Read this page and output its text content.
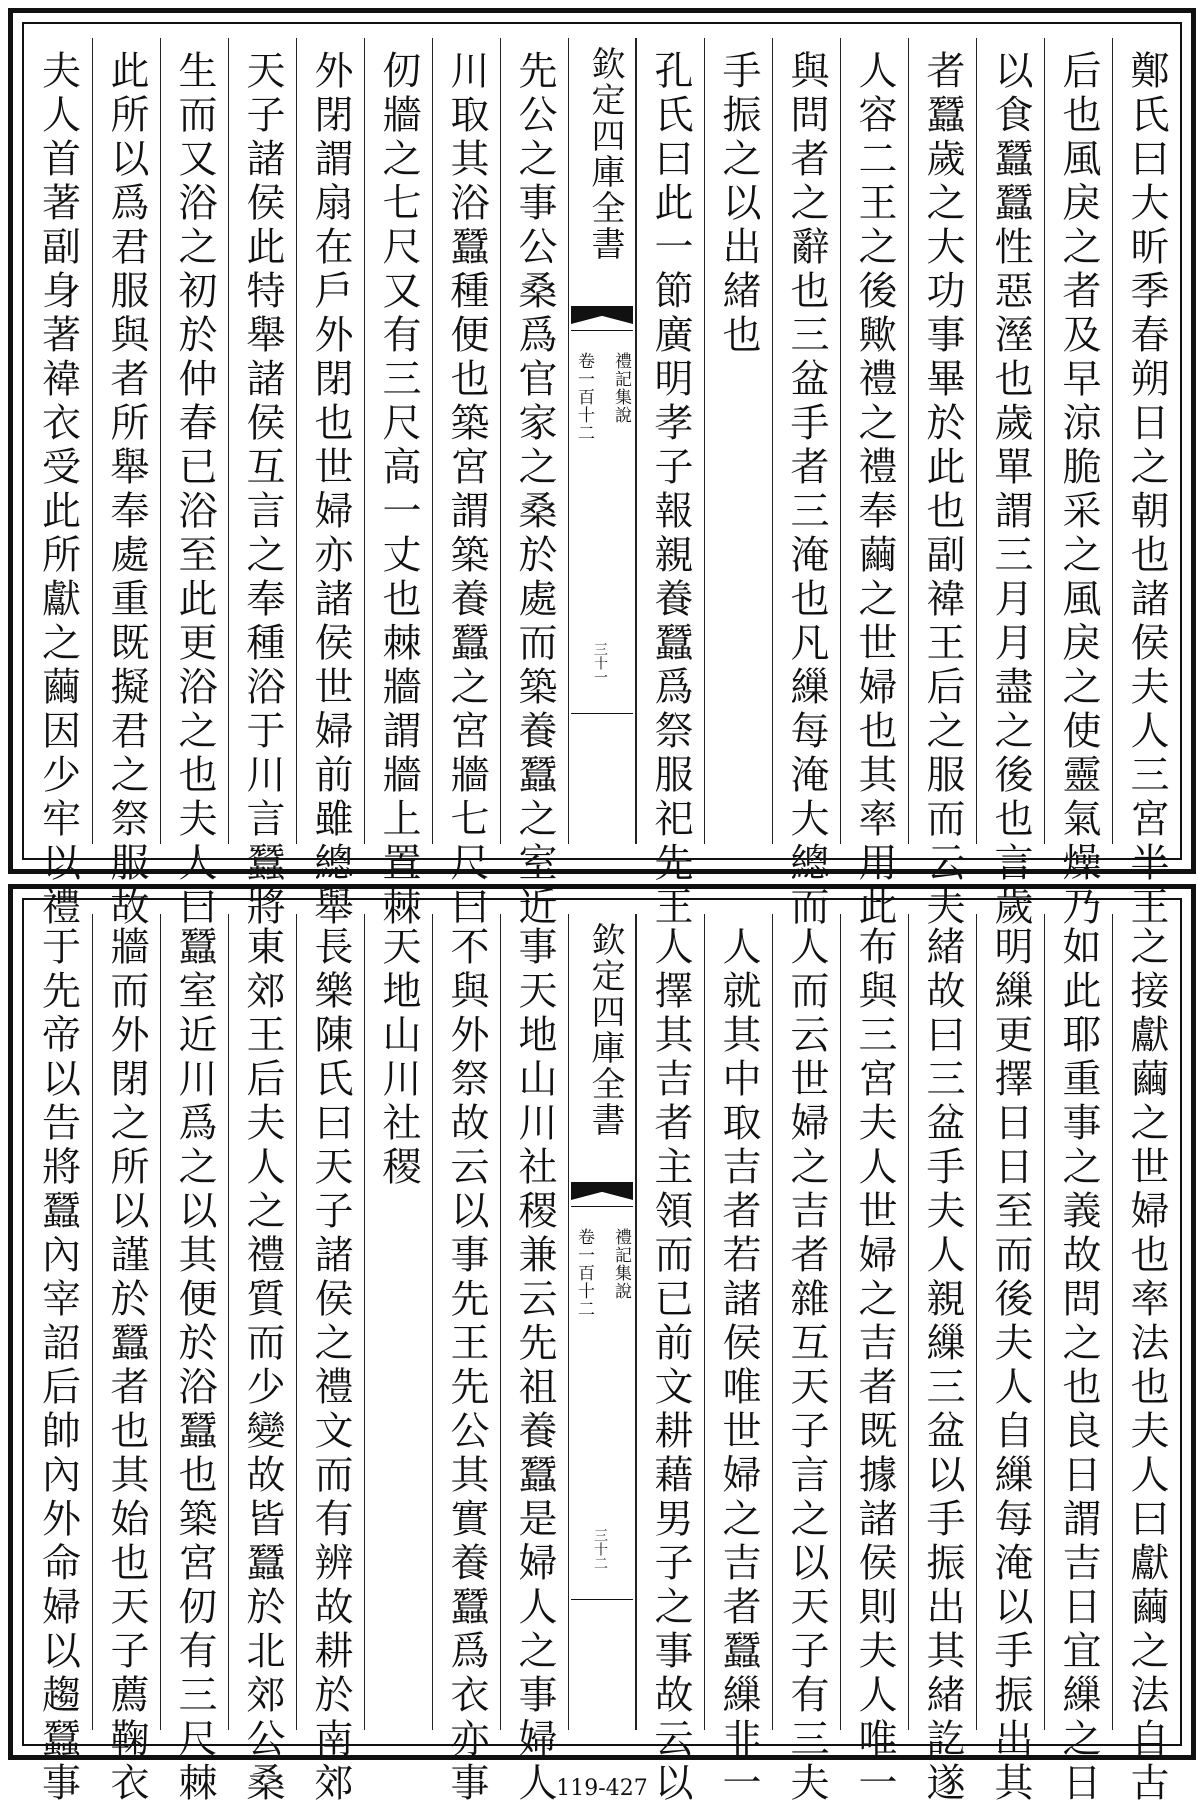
夫人首著副身著褘衣受此所獻之繭因少牢以禮 此所以爲君服與者所舉奉處重既擬君之祭服故 生而又浴之初於仲春已浴至此更浴之也夫人曰 天子諸侯此特舉諸侯互言之奉種浴于川言蠶將 外閉謂扇在戶外閉也世婦亦諸侯世婦前雖總舉 仞牆之七尺又有三尺高一丈也棘牆謂牆上置棘 川取其浴蠶種便也築宮謂築養蠶之宮牆七尺曰 先公之事公桑爲官家之桑於處而築養蠶之室近 欽定四庫全書
禮記集說
卷一百十二
三十一 孔氏曰此一節廣明孝子報親養蠶爲祭服祀先王 手振之以出緒也 與問者之辭也三盆手者三淹也凡繅每淹大總而 人容二王之後歟禮之禮奉繭之世婦也其率用此 者蠶歲之大功事畢於此也副褘王后之服而云夫 以食蠶蠶性惡溼也歲單謂三月月盡之後也言歲 后也風戾之者及早涼脆采之風戾之使靈氣燥乃 鄭氏曰大昕季春朔日之朝也諸侯夫人三宮半王
于先帝以告將蠶內宰詔后帥內外命婦以趨蠶事 牆而外閉之所以謹於蠶者也其始也天子薦鞠衣 蠶室近川爲之以其便於浴蠶也築宮仞有三尺棘 東郊王后夫人之禮質而少變故皆蠶於北郊公桑 長樂陳氏曰天子諸侯之禮文而有辨故耕於南郊 天地山川社稷 不與外祭故云以事先王先公其實養蠶爲衣亦事 事天地山川社稷兼云先祖養蠶是婦人之事婦人 欽定四庫全書
禮記集說
卷一百十二
三十二 人擇其吉者主領而已前文耕藉男子之事故云以 人就其中取吉者若諸侯唯世婦之吉者蠶繅非一 人而云世婦之吉者雜互天子言之以天子有三夫 布與三宮夫人世婦之吉者既據諸侯則夫人唯一 緒故曰三盆手夫人親繅三盆以手振出其緒訖遂 明繅更擇日日至而後夫人自繅每淹以手振出其 如此耶重事之義故問之也良日謂吉日宜繅之日 之接獻繭之世婦也率法也夫人曰獻繭之法自古
119-427
